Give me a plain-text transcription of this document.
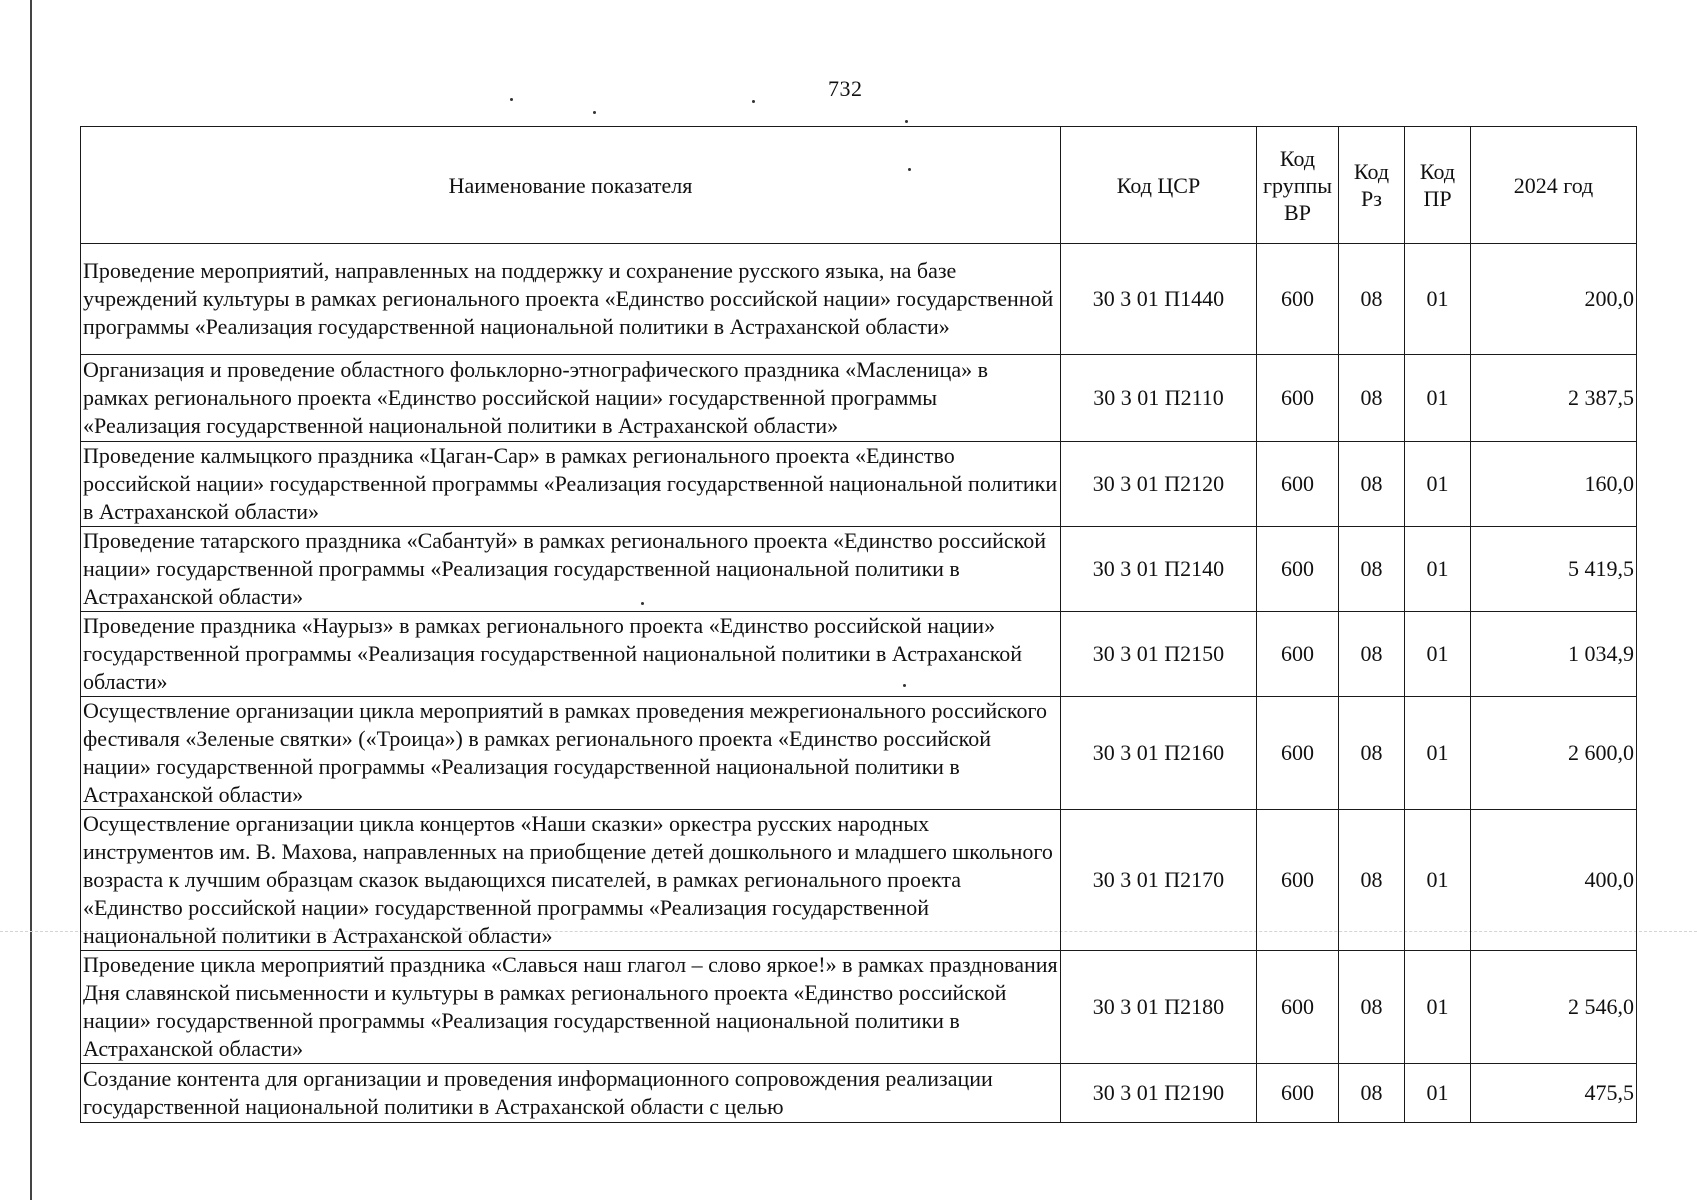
732
Наименование показателя	Код ЦСР	Код группы ВР	Код Рз	Код ПР	2024 год
Проведение мероприятий, направленных на поддержку и сохранение русского языка, на базе учреждений культуры в рамках регионального проекта «Единство российской нации» государственной программы «Реализация государственной национальной политики в Астраханской области»	30 3 01 П1440	600	08	01	200,0
Организация и проведение областного фольклорно-этнографического праздника «Масленица» в рамках регионального проекта «Единство российской нации» государственной программы «Реализация государственной национальной политики в Астраханской области»	30 3 01 П2110	600	08	01	2 387,5
Проведение калмыцкого праздника «Цаган-Сар» в рамках регионального проекта «Единство российской нации» государственной программы «Реализация государственной национальной политики в Астраханской области»	30 3 01 П2120	600	08	01	160,0
Проведение татарского праздника «Сабантуй» в рамках регионального проекта «Единство российской нации» государственной программы «Реализация государственной национальной политики в Астраханской области»	30 3 01 П2140	600	08	01	5 419,5
Проведение праздника «Наурыз» в рамках регионального проекта «Единство российской нации» государственной программы «Реализация государственной национальной политики в Астраханской области»	30 3 01 П2150	600	08	01	1 034,9
Осуществление организации цикла мероприятий в рамках проведения межрегионального российского фестиваля «Зеленые святки» («Троица») в рамках регионального проекта «Единство российской нации» государственной программы «Реализация государственной национальной политики в Астраханской области»	30 3 01 П2160	600	08	01	2 600,0
Осуществление организации цикла концертов «Наши сказки» оркестра русских народных инструментов им. В. Махова, направленных на приобщение детей дошкольного и младшего школьного возраста к лучшим образцам сказок выдающихся писателей, в рамках регионального проекта «Единство российской нации» государственной программы «Реализация государственной национальной политики в Астраханской области»	30 3 01 П2170	600	08	01	400,0
Проведение цикла мероприятий праздника «Славься наш глагол – слово яркое!» в рамках празднования Дня славянской письменности и культуры в рамках регионального проекта «Единство российской нации» государственной программы «Реализация государственной национальной политики в Астраханской области»	30 3 01 П2180	600	08	01	2 546,0
Создание контента для организации и проведения информационного сопровождения реализации государственной национальной политики в Астраханской области с целью	30 3 01 П2190	600	08	01	475,5
